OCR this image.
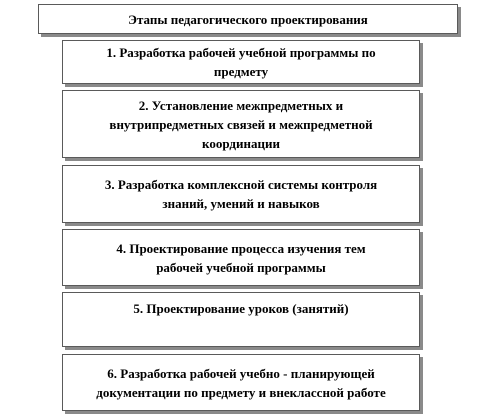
Этапы педагогического проектирования
1. Разработка рабочей учебной программы по
предмету
2. Установление межпредметных и
внутрипредметных связей и межпредметной
координации
3. Разработка комплексной системы контроля
знаний, умений и навыков
4. Проектирование процесса изучения тем
рабочей учебной программы
5. Проектирование уроков (занятий)
6. Разработка рабочей учебно - планирующей
документации по предмету и внеклассной работе
